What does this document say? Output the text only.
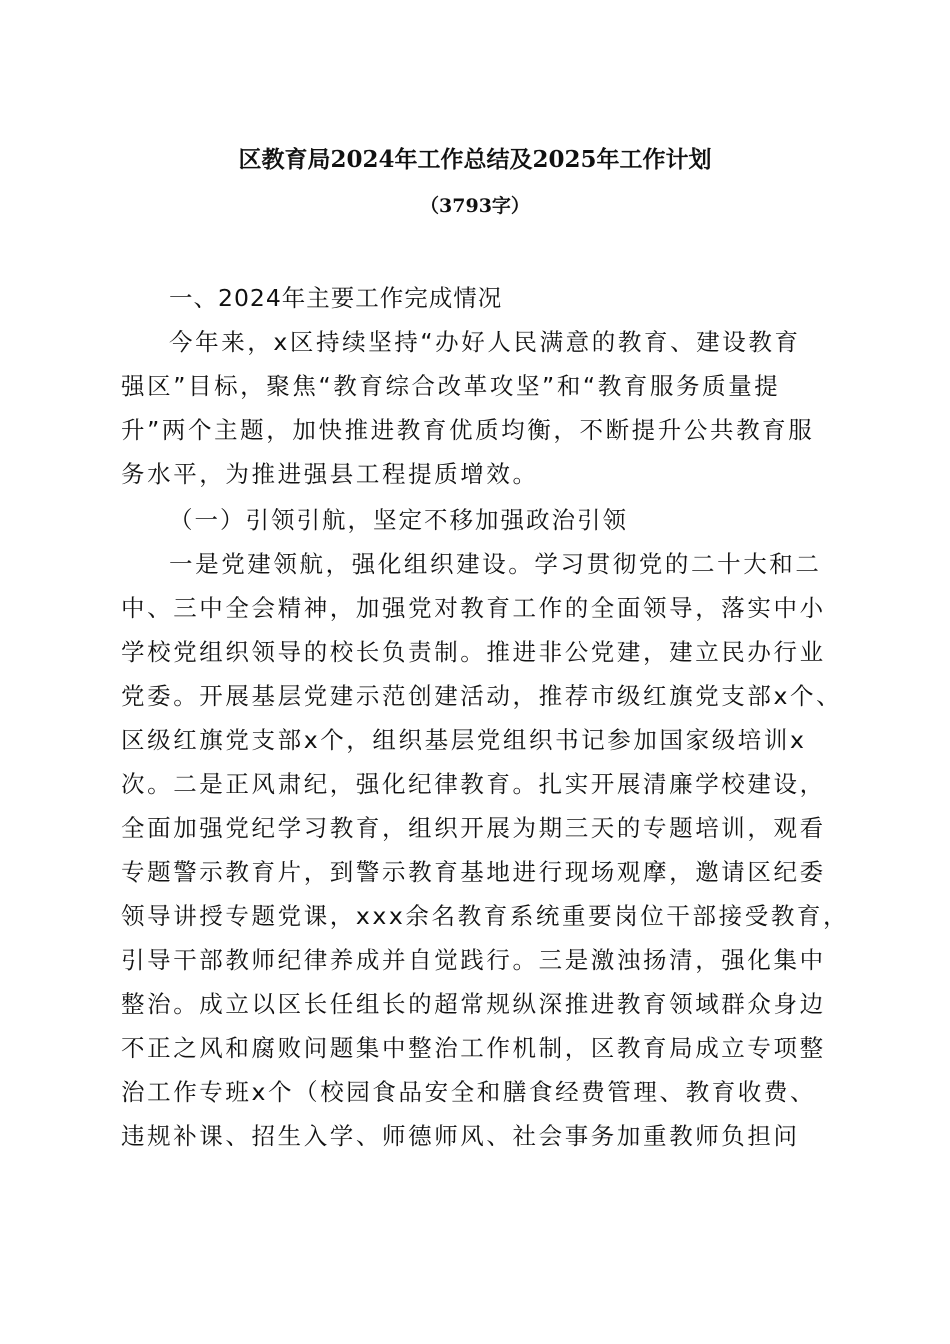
区教育局2024年工作总结及2025年工作计划
（3793字）
一、2024年主要工作完成情况
今年来，x区持续坚持“办好人民满意的教育、建设教育
强区”目标，聚焦“教育综合改革攻坚”和“教育服务质量提
升”两个主题，加快推进教育优质均衡，不断提升公共教育服
务水平，为推进强县工程提质增效。
（一）引领引航，坚定不移加强政治引领
一是党建领航，强化组织建设。学习贯彻党的二十大和二
中、三中全会精神，加强党对教育工作的全面领导，落实中小
学校党组织领导的校长负责制。推进非公党建，建立民办行业
党委。开展基层党建示范创建活动，推荐市级红旗党支部x个、
区级红旗党支部x个，组织基层党组织书记参加国家级培训x
次。二是正风肃纪，强化纪律教育。扎实开展清廉学校建设，
全面加强党纪学习教育，组织开展为期三天的专题培训，观看
专题警示教育片，到警示教育基地进行现场观摩，邀请区纪委
领导讲授专题党课，xxx余名教育系统重要岗位干部接受教育，
引导干部教师纪律养成并自觉践行。三是激浊扬清，强化集中
整治。成立以区长任组长的超常规纵深推进教育领域群众身边
不正之风和腐败问题集中整治工作机制，区教育局成立专项整
治工作专班x个（校园食品安全和膳食经费管理、教育收费、
违规补课、招生入学、师德师风、社会事务加重教师负担问
